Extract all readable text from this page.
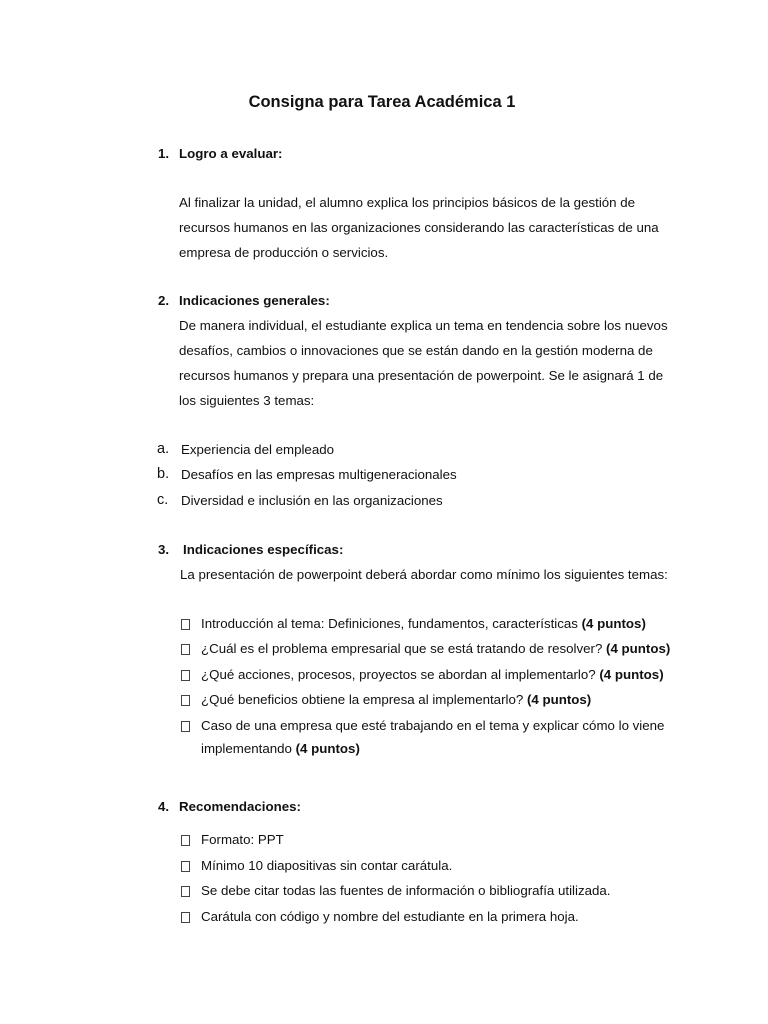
Consigna para Tarea Académica 1
1. Logro a evaluar:
Al finalizar la unidad, el alumno explica los principios básicos de la gestión de
recursos humanos en las organizaciones considerando las características de una
empresa de producción o servicios.
2. Indicaciones generales:
De manera individual, el estudiante explica un tema en tendencia sobre los nuevos
desafíos, cambios o innovaciones que se están dando en la gestión moderna de
recursos humanos y prepara una presentación de powerpoint. Se le asignará 1 de
los siguientes 3 temas:
a. Experiencia del empleado
b. Desafíos en las empresas multigeneracionales
c. Diversidad e inclusión en las organizaciones
3. Indicaciones específicas:
La presentación de powerpoint deberá abordar como mínimo los siguientes temas:
Introducción al tema: Definiciones, fundamentos, características (4 puntos)
¿Cuál es el problema empresarial que se está tratando de resolver? (4 puntos)
¿Qué acciones, procesos, proyectos se abordan al implementarlo? (4 puntos)
¿Qué beneficios obtiene la empresa al implementarlo? (4 puntos)
Caso de una empresa que esté trabajando en el tema y explicar cómo lo viene
implementando (4 puntos)
4. Recomendaciones:
Formato: PPT
Mínimo 10 diapositivas sin contar carátula.
Se debe citar todas las fuentes de información o bibliografía utilizada.
Carátula con código y nombre del estudiante en la primera hoja.
